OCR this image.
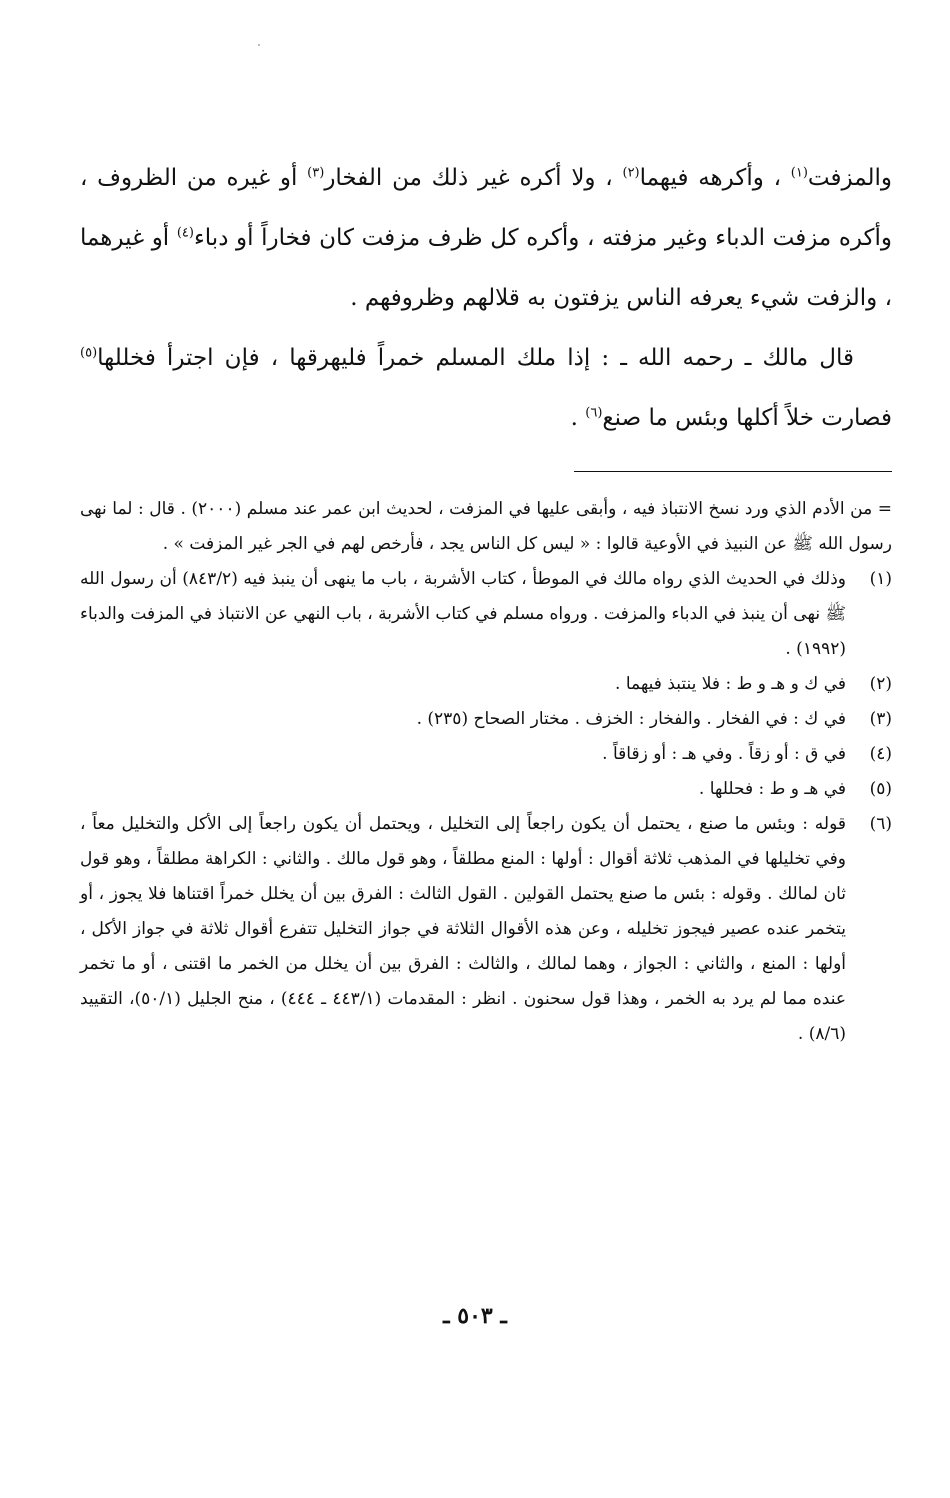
والمزفت$^{(١)}$ ، وأكرهه فيهما$^{(٢)}$ ، ولا أكره غير ذلك من الفخار$^{(٣)}$ أو غيره من الظروف ، وأكره مزفت الدباء وغير مزفته ، وأكره كل ظرف مزفت كان فخاراً أو دباء$^{(٤)}$ أو غيرهما ، والزفت شيء يعرفه الناس يزفتون به قلالهم وظروفهم .

قال مالك ـ رحمه الله ـ : إذا ملك المسلم خمراً فليهرقها ، فإن اجترأ فخللها$^{(٥)}$ فصارت خلاً أكلها وبئس ما صنع$^{(٦)}$ .

= من الأدم الذي ورد نسخ الانتباذ فيه ، وأبقى عليها في المزفت ، لحديث ابن عمر عند مسلم (٢٠٠٠) . قال : لما نهى رسول الله ﷺ عن النبيذ في الأوعية قالوا : « ليس كل الناس يجد ، فأرخص لهم في الجر غير المزفت » .

(١)
وذلك في الحديث الذي رواه مالك في الموطأ ، كتاب الأشربة ، باب ما ينهى أن ينبذ فيه (٨٤٣/٢) أن رسول الله ﷺ نهى أن ينبذ في الدباء والمزفت . ورواه مسلم في كتاب الأشربة ، باب النهي عن الانتباذ في المزفت والدباء (١٩٩٢) .
(٢)
في ك و هـ و ط : فلا ينتبذ فيهما .
(٣)
في ك : في الفخار . والفخار : الخزف . مختار الصحاح (٢٣٥) .
(٤)
في ق : أو زقاً . وفي هـ : أو زقاقاً .
(٥)
في هـ و ط : فحللها .
(٦)
قوله : وبئس ما صنع ، يحتمل أن يكون راجعاً إلى التخليل ، ويحتمل أن يكون راجعاً إلى الأكل والتخليل معاً ، وفي تخليلها في المذهب ثلاثة أقوال : أولها : المنع مطلقاً ، وهو قول مالك . والثاني : الكراهة مطلقاً ، وهو قول ثان لمالك . وقوله : بئس ما صنع يحتمل القولين . القول الثالث : الفرق بين أن يخلل خمراً اقتناها فلا يجوز ، أو يتخمر عنده عصير فيجوز تخليله ، وعن هذه الأقوال الثلاثة في جواز التخليل تتفرع أقوال ثلاثة في جواز الأكل ، أولها : المنع ، والثاني : الجواز ، وهما لمالك ، والثالث : الفرق بين أن يخلل من الخمر ما اقتنى ، أو ما تخمر عنده مما لم يرد به الخمر ، وهذا قول سحنون . انظر : المقدمات (٤٤٣/١ ـ ٤٤٤) ، منح الجليل (٥٠/١)، التقييد (٨/٦) .
ـ ٥٠٣ ـ
